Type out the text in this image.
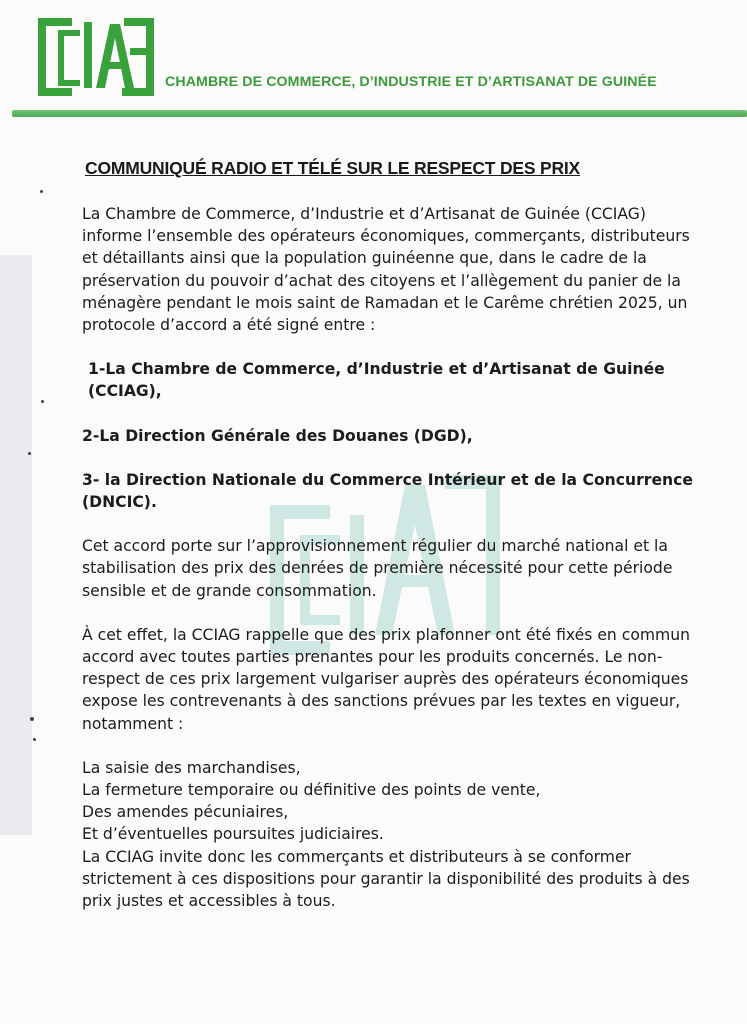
CHAMBRE DE COMMERCE, D’INDUSTRIE ET D’ARTISANAT DE GUINÉE
COMMUNIQUÉ RADIO ET TÉLÉ SUR LE RESPECT DES PRIX

La Chambre de Commerce, d’Industrie et d’Artisanat de Guinée (CCIAG) informe l’ensemble des opérateurs économiques, commerçants, distributeurs et détaillants ainsi que la population guinéenne que, dans le cadre de la préservation du pouvoir d’achat des citoyens et l’allègement du panier de la ménagère pendant le mois saint de Ramadan et le Carême chrétien 2025, un protocole d’accord a été signé entre :

1-La Chambre de Commerce, d’Industrie et d’Artisanat de Guinée (CCIAG),

2-La Direction Générale des Douanes (DGD),

3- la Direction Nationale du Commerce Intérieur et de la Concurrence (DNCIC).

Cet accord porte sur l’approvisionnement régulier du marché national et la stabilisation des prix des denrées de première nécessité pour cette période sensible et de grande consommation.

À cet effet, la CCIAG rappelle que des prix plafonner ont été fixés en commun accord avec toutes parties prenantes pour les produits concernés. Le non-respect de ces prix largement vulgariser auprès des opérateurs économiques expose les contrevenants à des sanctions prévues par les textes en vigueur, notamment :

La saisie des marchandises,

La fermeture temporaire ou définitive des points de vente,

Des amendes pécuniaires,

Et d’éventuelles poursuites judiciaires.

La CCIAG invite donc les commerçants et distributeurs à se conformer strictement à ces dispositions pour garantir la disponibilité des produits à des prix justes et accessibles à tous.
